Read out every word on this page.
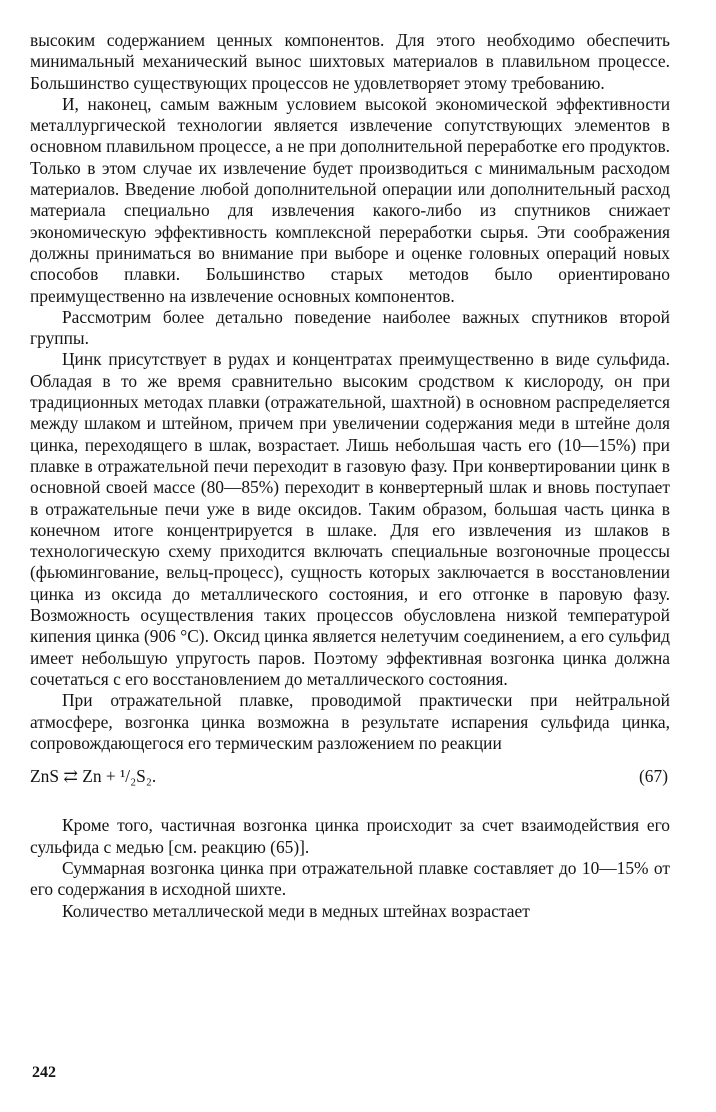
высоким содержанием ценных компонентов. Для этого необходимо обеспечить минимальный механический вынос шихтовых материалов в плавильном процессе. Большинство существующих процессов не удовлетворяет этому требованию.

И, наконец, самым важным условием высокой экономической эффективности металлургической технологии является извлечение сопутствующих элементов в основном плавильном процессе, а не при дополнительной переработке его продуктов. Только в этом случае их извлечение будет производиться с минимальным расходом материалов. Введение любой дополнительной операции или дополнительный расход материала специально для извлечения какого-либо из спутников снижает экономическую эффективность комплексной переработки сырья. Эти соображения должны приниматься во внимание при выборе и оценке головных операций новых способов плавки. Большинство старых методов было ориентировано преимущественно на извлечение основных компонентов.

Рассмотрим более детально поведение наиболее важных спутников второй группы.

Цинк присутствует в рудах и концентратах преимущественно в виде сульфида. Обладая в то же время сравнительно высоким сродством к кислороду, он при традиционных методах плавки (отражательной, шахтной) в основном распределяется между шлаком и штейном, причем при увеличении содержания меди в штейне доля цинка, переходящего в шлак, возрастает. Лишь небольшая часть его (10—15%) при плавке в отражательной печи переходит в газовую фазу. При конвертировании цинк в основной своей массе (80—85%) переходит в конвертерный шлак и вновь поступает в отражательные печи уже в виде оксидов. Таким образом, большая часть цинка в конечном итоге концентрируется в шлаке. Для его извлечения из шлаков в технологическую схему приходится включать специальные возгоночные процессы (фьюмингование, вельц-процесс), сущность которых заключается в восстановлении цинка из оксида до металлического состояния, и его отгонке в паровую фазу. Возможность осуществления таких процессов обусловлена низкой температурой кипения цинка (906 °С). Оксид цинка является нелетучим соединением, а его сульфид имеет небольшую упругость паров. Поэтому эффективная возгонка цинка должна сочетаться с его восстановлением до металлического состояния.

При отражательной плавке, проводимой практически при нейтральной атмосфере, возгонка цинка возможна в результате испарения сульфида цинка, сопровождающегося его термическим разложением по реакции

ZnS ⇄ Zn + ¹/₂S₂.	(67)

Кроме того, частичная возгонка цинка происходит за счет взаимодействия его сульфида с медью [см. реакцию (65)].

Суммарная возгонка цинка при отражательной плавке составляет до 10—15% от его содержания в исходной шихте.

Количество металлической меди в медных штейнах возрастает

242
